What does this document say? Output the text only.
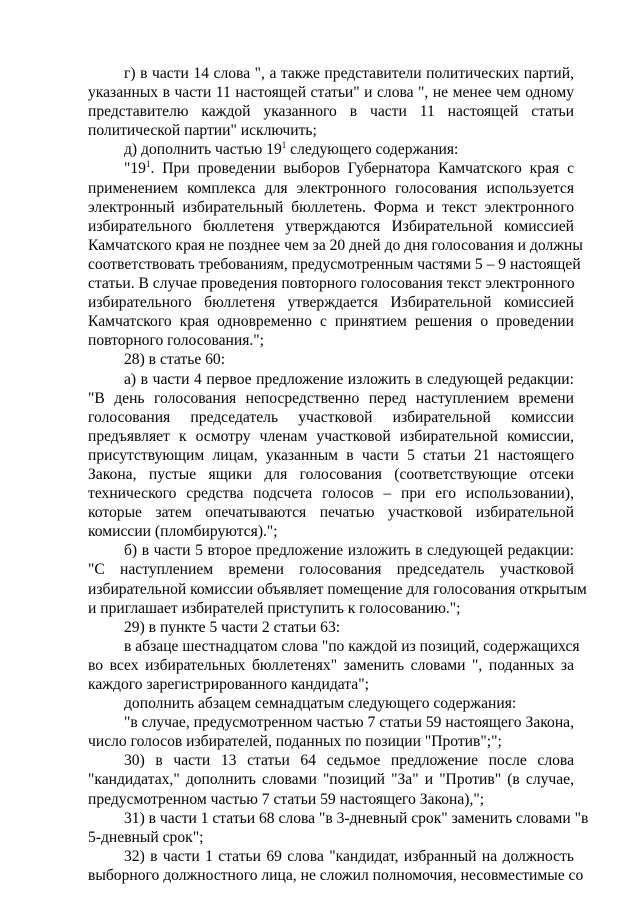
г) в части 14 слова ", а также представители политических партий,
указанных в части 11 настоящей статьи" и слова ", не менее чем одному
представителю каждой указанного в части 11 настоящей статьи
политической партии" исключить;
д) дополнить частью $19^1$ следующего содержания:
"$19^1$. При проведении выборов Губернатора Камчатского края с
применением комплекса для электронного голосования используется
электронный избирательный бюллетень. Форма и текст электронного
избирательного бюллетеня утверждаются Избирательной комиссией
Камчатского края не позднее чем за 20 дней до дня голосования и должны
соответствовать требованиям, предусмотренным частями 5 – 9 настоящей
статьи. В случае проведения повторного голосования текст электронного
избирательного бюллетеня утверждается Избирательной комиссией
Камчатского края одновременно с принятием решения о проведении
повторного голосования.";
28) в статье 60:
а) в части 4 первое предложение изложить в следующей редакции:
"В день голосования непосредственно перед наступлением времени
голосования председатель участковой избирательной комиссии
предъявляет к осмотру членам участковой избирательной комиссии,
присутствующим лицам, указанным в части 5 статьи 21 настоящего
Закона, пустые ящики для голосования (соответствующие отсеки
технического средства подсчета голосов – при его использовании),
которые затем опечатываются печатью участковой избирательной
комиссии (пломбируются).";
б) в части 5 второе предложение изложить в следующей редакции:
"С наступлением времени голосования председатель участковой
избирательной комиссии объявляет помещение для голосования открытым
и приглашает избирателей приступить к голосованию.";
29) в пункте 5 части 2 статьи 63:
в абзаце шестнадцатом слова "по каждой из позиций, содержащихся
во всех избирательных бюллетенях" заменить словами ", поданных за
каждого зарегистрированного кандидата";
дополнить абзацем семнадцатым следующего содержания:
"в случае, предусмотренном частью 7 статьи 59 настоящего Закона,
число голосов избирателей, поданных по позиции "Против";";
30) в части 13 статьи 64 седьмое предложение после слова
"кандидатах," дополнить словами "позиций "За" и "Против" (в случае,
предусмотренном частью 7 статьи 59 настоящего Закона),";
31) в части 1 статьи 68 слова "в 3-дневный срок" заменить словами "в
5-дневный срок";
32) в части 1 статьи 69 слова "кандидат, избранный на должность
выборного должностного лица, не сложил полномочия, несовместимые со
